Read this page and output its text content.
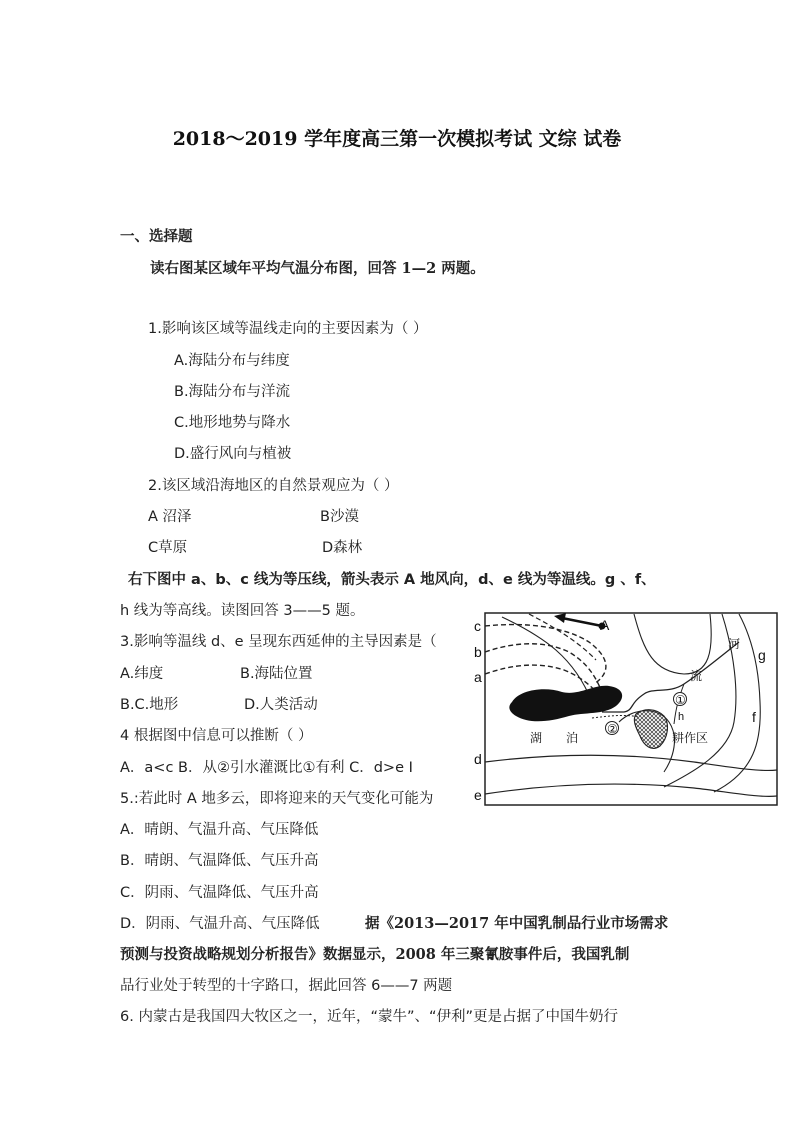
2018～2019 学年度高三第一次模拟考试 文综 试卷
一、选择题
读右图某区域年平均气温分布图，回答 1—2 两题。
1.影响该区域等温线走向的主要因素为（ ）
A.海陆分布与纬度
B.海陆分布与洋流
C.地形地势与降水
D.盛行风向与植被
2.该区域沿海地区的自然景观应为（ ）
A 沼泽	B沙漠
C草原	D森林
右下图中 a、b、c 线为等压线，箭头表示 A 地风向，d、e 线为等温线。g 、f、
h 线为等高线。读图回答 3——5 题。
3.影响等温线 d、e 呈现东西延伸的主导因素是（
A.纬度	B.海陆位置
B.C.地形	D.人类活动
4 根据图中信息可以推断（ ）
A．a<c B．从②引水灌溉比①有利 C．d>e I
5.:若此时 A 地多云，即将迎来的天气变化可能为
A．晴朗、气温升高、气压降低
B．晴朗、气温降低、气压升高
C．阴雨、气温降低、气压升高
D．阴雨、气温升高、气压降低	据《2013—2017 年中国乳制品行业市场需求
预测与投资战略规划分析报告》数据显示，2008 年三聚氰胺事件后，我国乳制
品行业处于转型的十字路口，据此回答 6——7 两题
6. 内蒙古是我国四大牧区之一，近年，“蒙牛”、“伊利”更是占据了中国牛奶行
c
b
a
d
e
A
g
f
h
①
②
河
流
湖 泊	耕作区
